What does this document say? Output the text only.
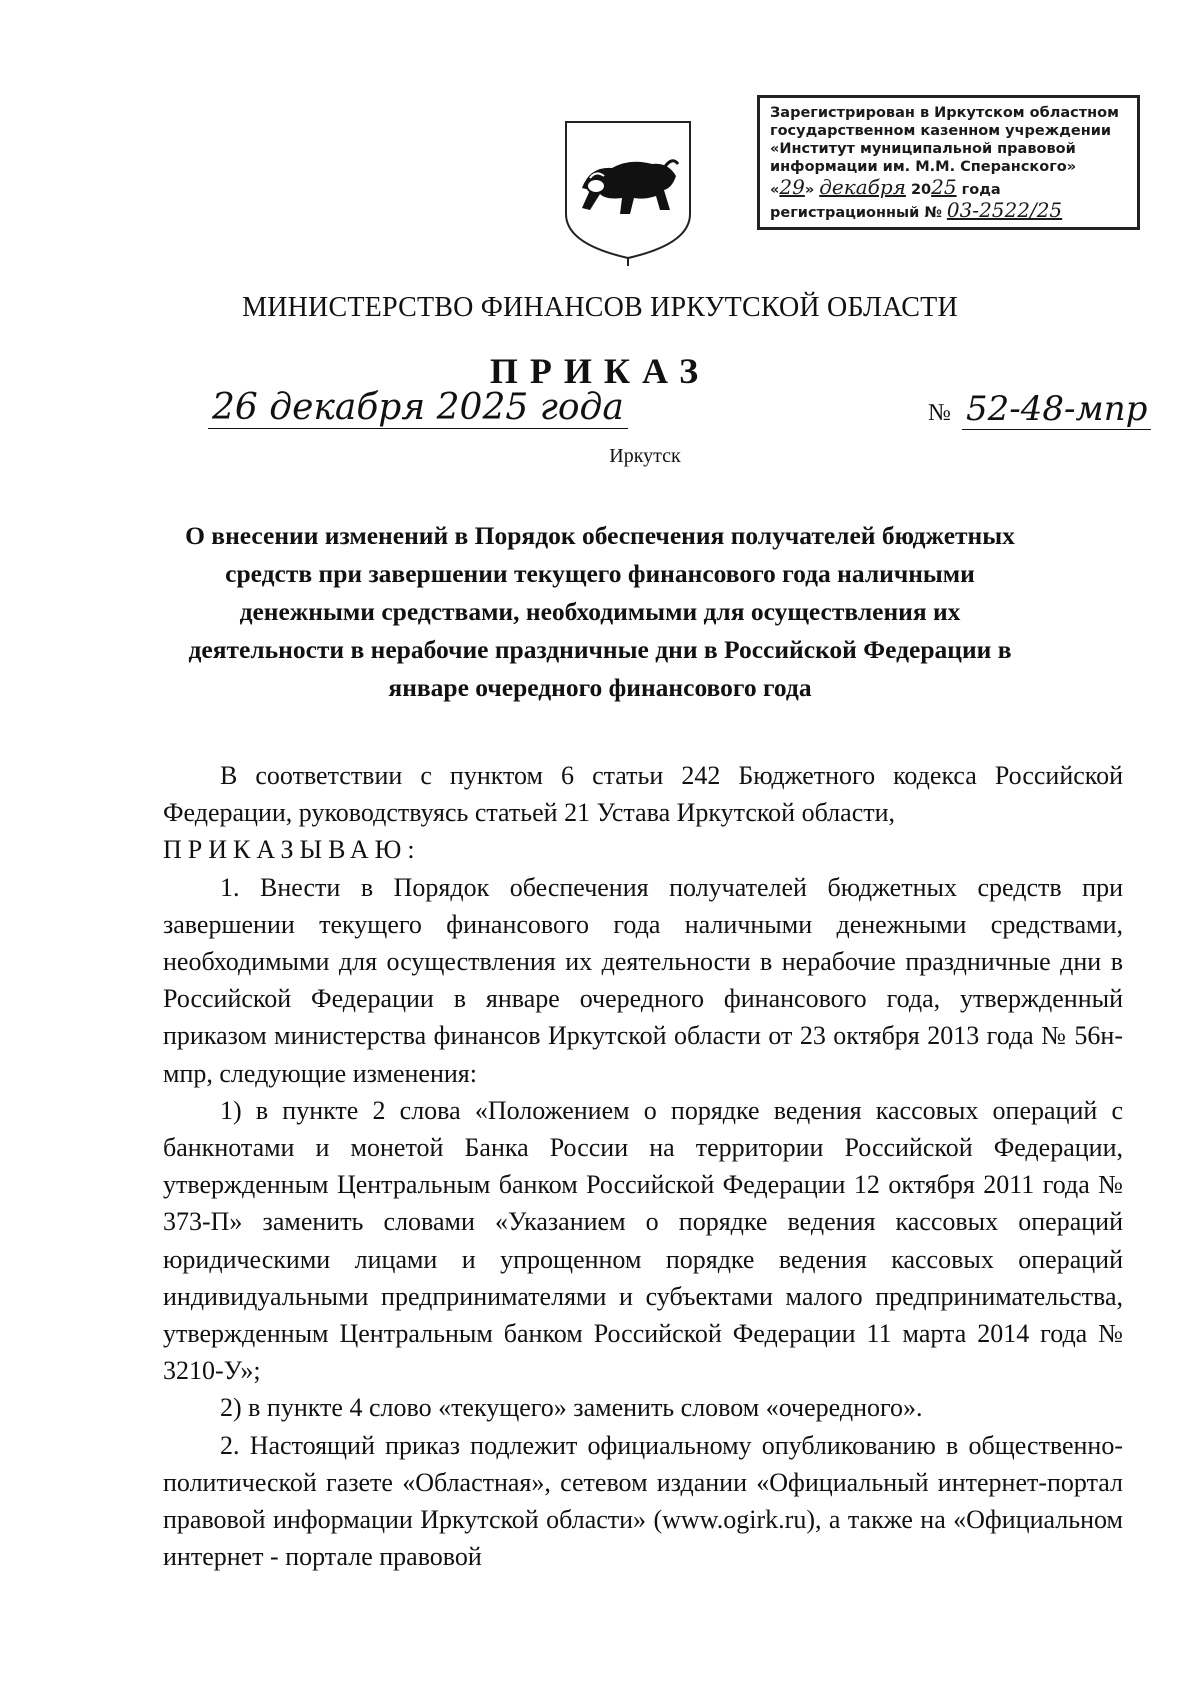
Зарегистрирован в Иркутском областном
государственном казенном учреждении
«Институт муниципальной правовой
информации им. М.М. Сперанского»
«29» декабря 2025 года
регистрационный № 03-2522/25
МИНИСТЕРСТВО ФИНАНСОВ ИРКУТСКОЙ ОБЛАСТИ
ПРИКАЗ
26 декабря 2025 года	№ 52-48-мпр
Иркутск
О внесении изменений в Порядок обеспечения получателей бюджетных средств при завершении текущего финансового года наличными денежными средствами, необходимыми для осуществления их деятельности в нерабочие праздничные дни в Российской Федерации в январе очередного финансового года

В соответствии с пунктом 6 статьи 242 Бюджетного кодекса Российской Федерации, руководствуясь статьей 21 Устава Иркутской области,

ПРИКАЗЫВАЮ:

1. Внести в Порядок обеспечения получателей бюджетных средств при завершении текущего финансового года наличными денежными средствами, необходимыми для осуществления их деятельности в нерабочие праздничные дни в Российской Федерации в январе очередного финансового года, утвержденный приказом министерства финансов Иркутской области от 23 октября 2013 года № 56н-мпр, следующие изменения:

1) в пункте 2 слова «Положением о порядке ведения кассовых операций с банкнотами и монетой Банка России на территории Российской Федерации, утвержденным Центральным банком Российской Федерации 12 октября 2011 года № 373-П» заменить словами «Указанием о порядке ведения кассовых операций юридическими лицами и упрощенном порядке ведения кассовых операций индивидуальными предпринимателями и субъектами малого предпринимательства, утвержденным Центральным банком Российской Федерации 11 марта 2014 года № 3210-У»;

2) в пункте 4 слово «текущего» заменить словом «очередного».

2. Настоящий приказ подлежит официальному опубликованию в общественно-политической газете «Областная», сетевом издании «Официальный интернет-портал правовой информации Иркутской области» (www.ogirk.ru), а также на «Официальном интернет - портале правовой
